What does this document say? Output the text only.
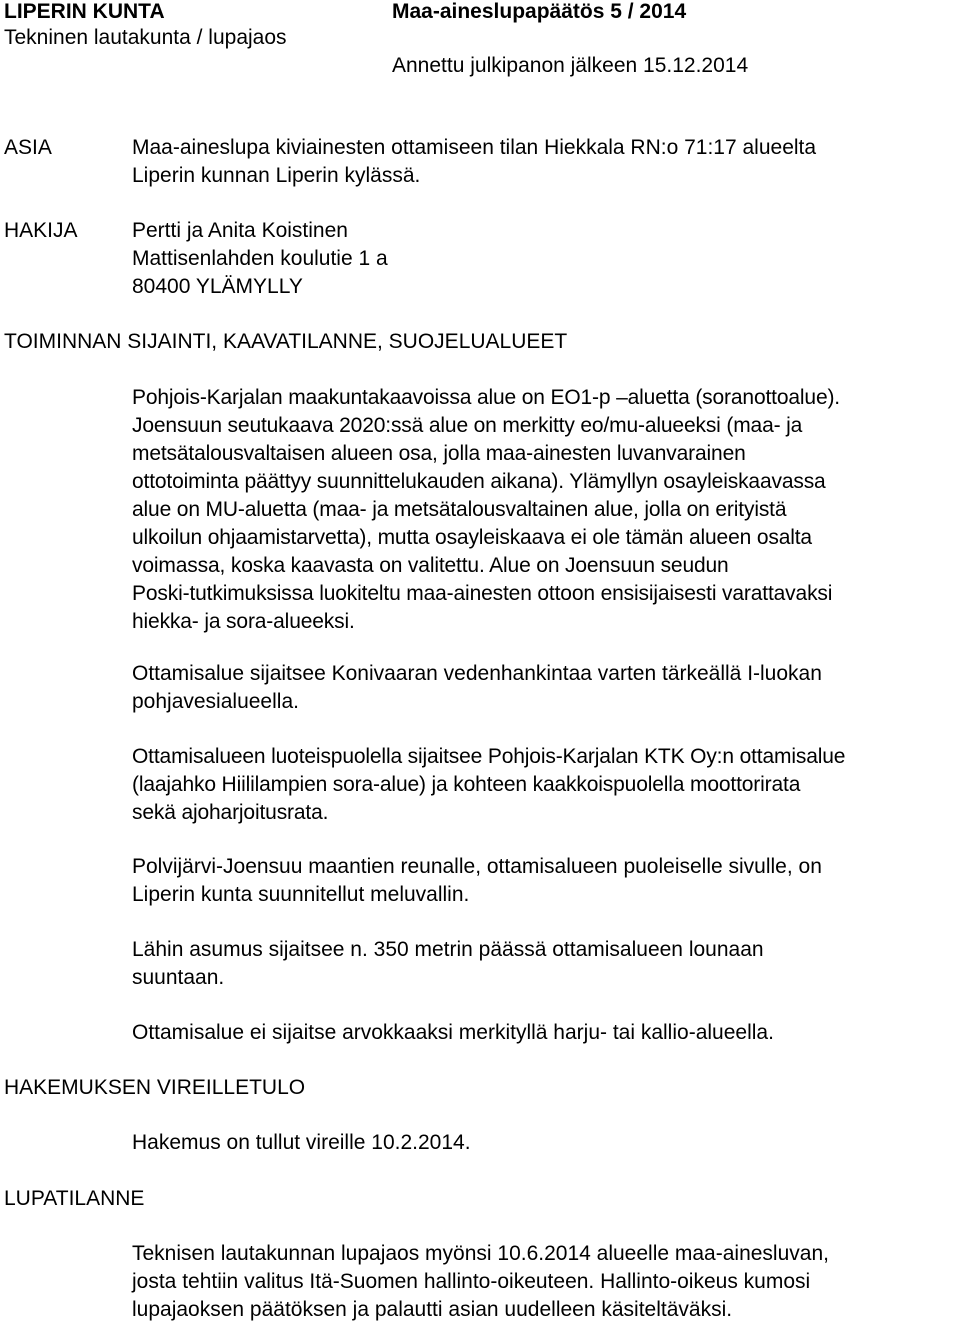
LIPERIN KUNTA	Maa-aineslupapäätös 5 / 2014
Tekninen lautakunta / lupajaos
Annettu julkipanon jälkeen 15.12.2014
ASIA	Maa-aineslupa kiviainesten ottamiseen tilan Hiekkala RN:o 71:17 alueelta
Liperin kunnan Liperin kylässä.
HAKIJA	Pertti ja Anita Koistinen
Mattisenlahden koulutie 1 a
80400 YLÄMYLLY
TOIMINNAN SIJAINTI, KAAVATILANNE, SUOJELUALUEET
Pohjois-Karjalan maakuntakaavoissa alue on EO1-p –aluetta (soranottoalue).
Joensuun seutukaava 2020:ssä alue on merkitty eo/mu-alueeksi (maa- ja
metsätalousvaltaisen alueen osa, jolla maa-ainesten luvanvarainen
ottotoiminta päättyy suunnittelukauden aikana). Ylämyllyn osayleiskaavassa
alue on MU-aluetta (maa- ja metsätalousvaltainen alue, jolla on erityistä
ulkoilun ohjaamistarvetta), mutta osayleiskaava ei ole tämän alueen osalta
voimassa, koska kaavasta on valitettu. Alue on Joensuun seudun
Poski-tutkimuksissa luokiteltu maa-ainesten ottoon ensisijaisesti varattavaksi
hiekka- ja sora-alueeksi.
Ottamisalue sijaitsee Konivaaran vedenhankintaa varten tärkeällä I-luokan
pohjavesialueella.
Ottamisalueen luoteispuolella sijaitsee Pohjois-Karjalan KTK Oy:n ottamisalue
(laajahko Hiililampien sora-alue) ja kohteen kaakkoispuolella moottorirata
sekä ajoharjoitusrata.
Polvijärvi-Joensuu maantien reunalle, ottamisalueen puoleiselle sivulle, on
Liperin kunta suunnitellut meluvallin.
Lähin asumus sijaitsee n. 350 metrin päässä ottamisalueen lounaan
suuntaan.
Ottamisalue ei sijaitse arvokkaaksi merkityllä harju- tai kallio-alueella.
HAKEMUKSEN VIREILLETULO
Hakemus on tullut vireille 10.2.2014.
LUPATILANNE
Teknisen lautakunnan lupajaos myönsi 10.6.2014 alueelle maa-ainesluvan,
josta tehtiin valitus Itä-Suomen hallinto-oikeuteen. Hallinto-oikeus kumosi
lupajaoksen päätöksen ja palautti asian uudelleen käsiteltäväksi.
